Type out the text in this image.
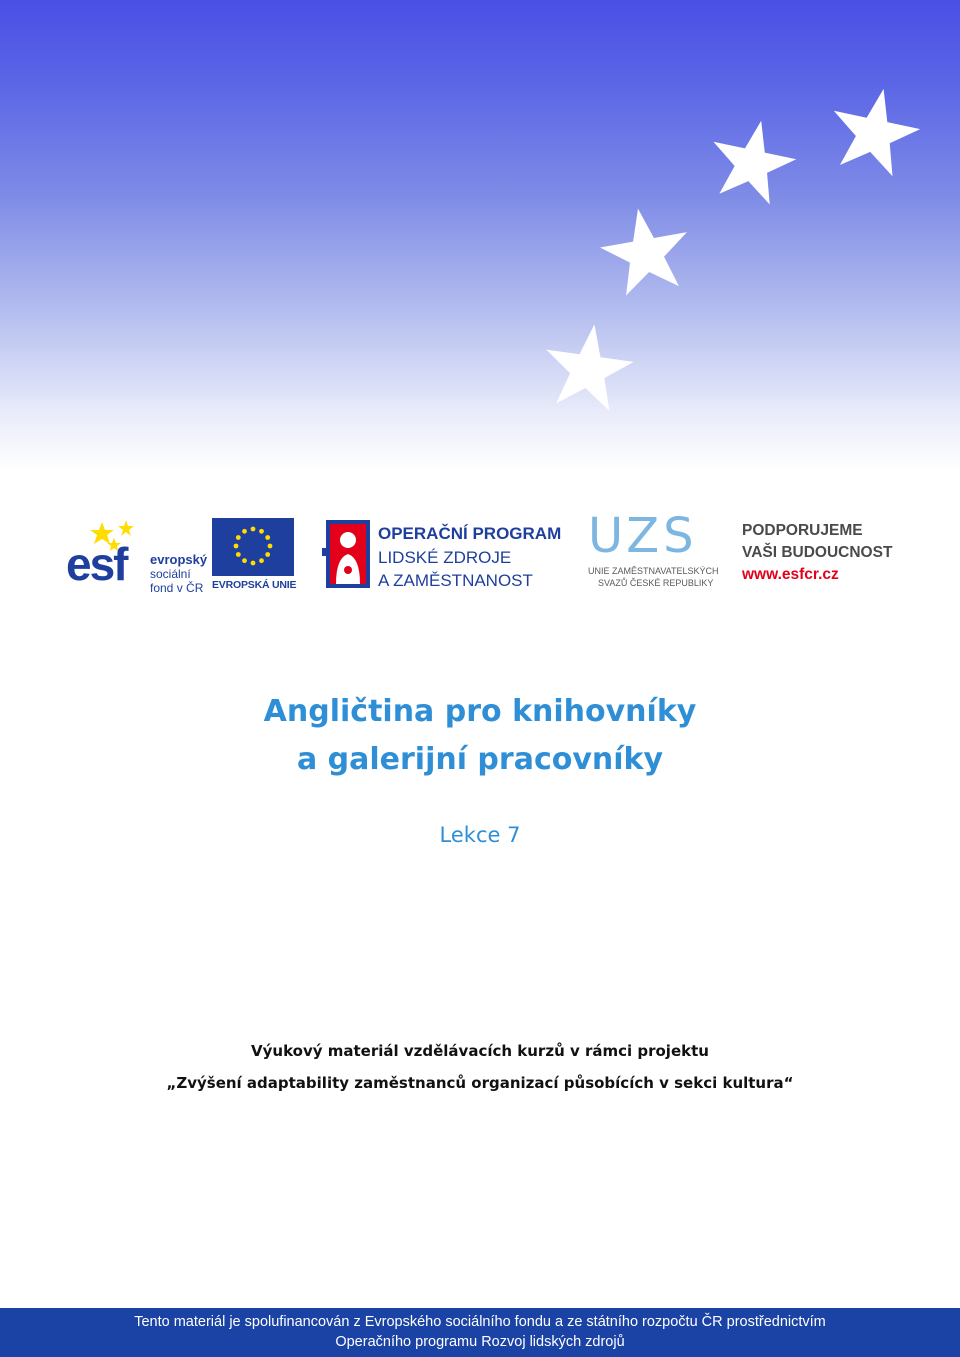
esf evropský
sociální
fond v ČR EVROPSKÁ UNIE
OPERAČNÍ PROGRAM
LIDSKÉ ZDROJE
A ZAMĚSTNANOST
UZS
UNIE ZAMĚSTNAVATELSKÝCH
SVAZŮ ČESKÉ REPUBLIKY
PODPORUJEME
VAŠI BUDOUCNOST
www.esfcr.cz
Angličtina pro knihovníky
a galerijní pracovníky
Lekce 7
Výukový materiál vzdělávacích kurzů v rámci projektu
„Zvýšení adaptability zaměstnanců organizací působících v sekci kultura“
Tento materiál je spolufinancován z Evropského sociálního fondu a ze státního rozpočtu ČR prostřednictvím
Operačního programu Rozvoj lidských zdrojů
